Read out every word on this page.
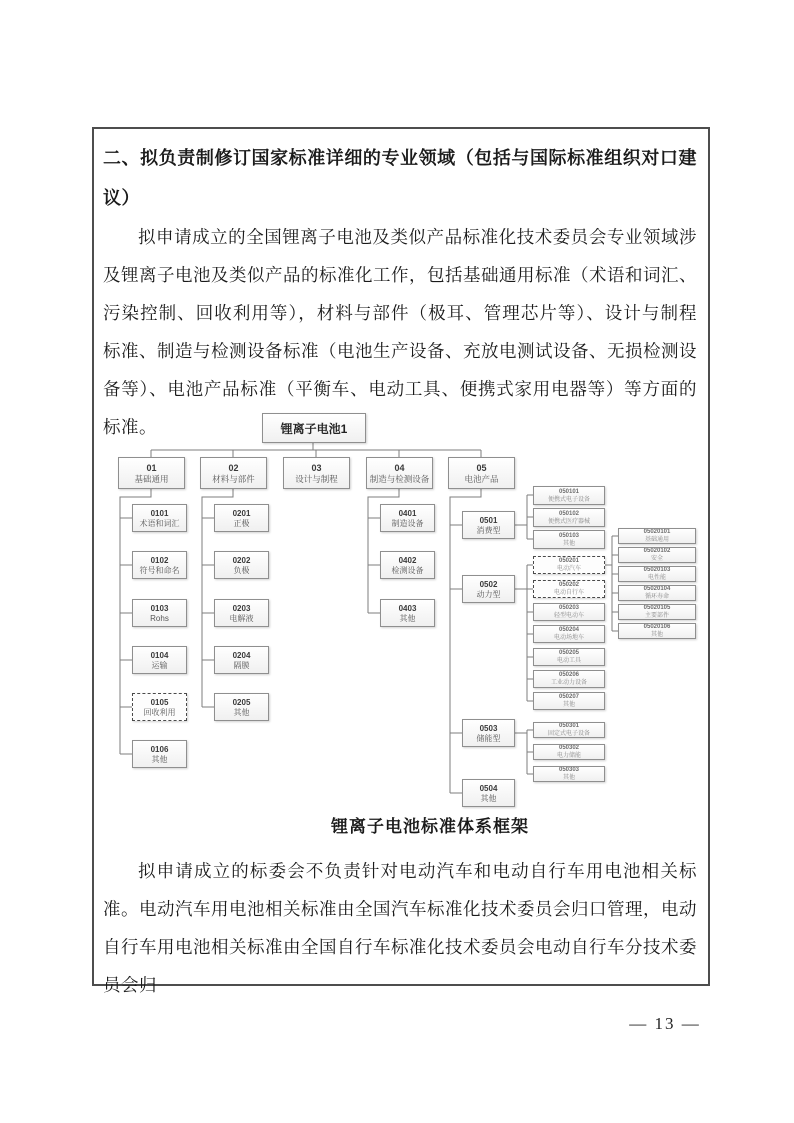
二、拟负责制修订国家标准详细的专业领域（包括与国际标准组织对口建议）
拟申请成立的全国锂离子电池及类似产品标准化技术委员会专业领域涉及锂离子电池及类似产品的标准化工作，包括基础通用标准（术语和词汇、污染控制、回收利用等），材料与部件（极耳、管理芯片等）、设计与制程标准、制造与检测设备标准（电池生产设备、充放电测试设备、无损检测设备等）、电池产品标准（平衡车、电动工具、便携式家用电器等）等方面的标准。	锂离子电池1
01
基础通用
02
材料与部件
03
设计与制程
04
制造与检测设备
05
电池产品
0101
术语和词汇
0102
符号和命名
0103
Rohs
0104
运输
0105
回收利用
0106
其他
0201
正极
0202
负极
0203
电解液
0204
隔膜
0205
其他
0401
制造设备
0402
检测设备
0403
其他
0501
消费型
0502
动力型
0503
储能型
0504
其他
050101
便携式电子设备
050102
便携式医疗器械
050103
其他
050201
电动汽车
050202
电动自行车
050203
轻型电动车
050204
电动场地车
050205
电动工具
050206
工业动力设备
050207
其他
050301
固定式电子设备
050302
电力储能
050303
其他
05020101
基础通用
05020102
安全
05020103
电性能
05020104
循环寿命
05020105
主要部件
05020106
其他
锂离子电池标准体系框架
拟申请成立的标委会不负责针对电动汽车和电动自行车用电池相关标准。电动汽车用电池相关标准由全国汽车标准化技术委员会归口管理，电动自行车用电池相关标准由全国自行车标准化技术委员会电动自行车分技术委员会归
— 13 —
